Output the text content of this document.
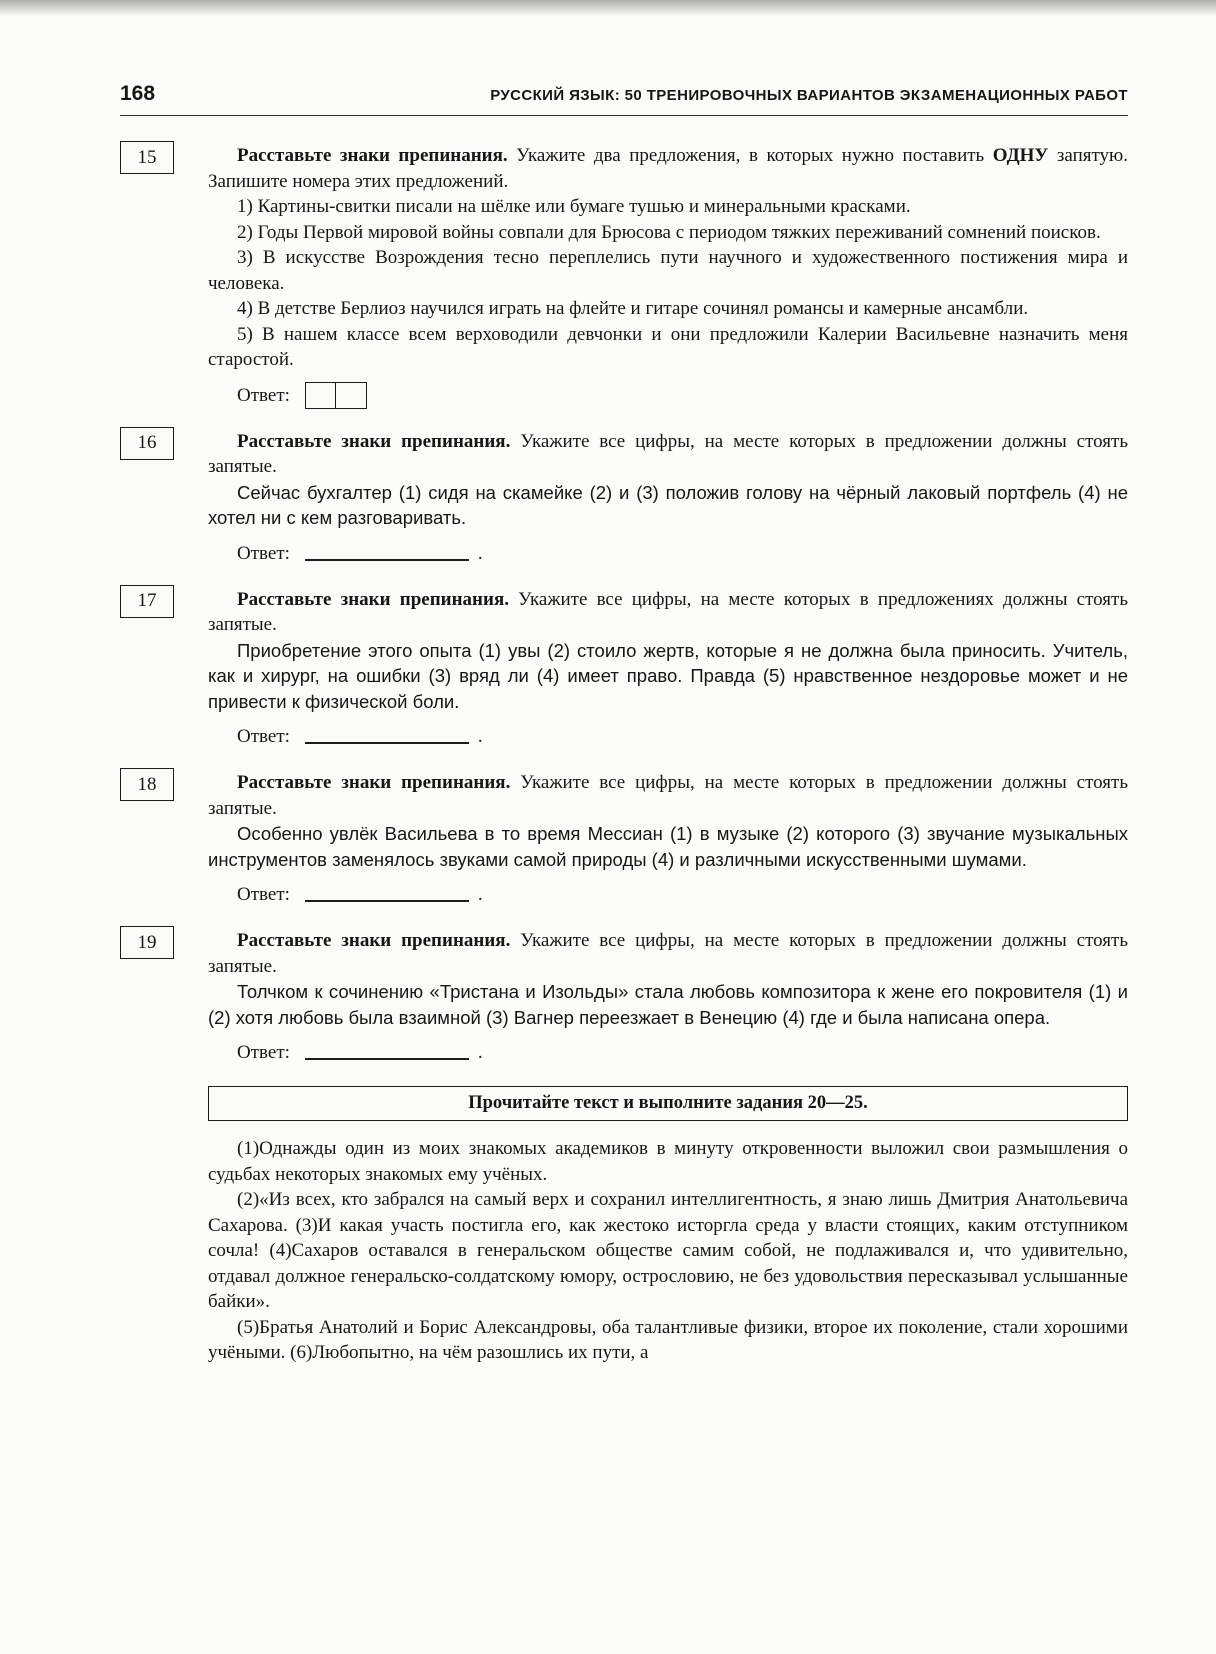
168	РУССКИЙ ЯЗЫК: 50 ТРЕНИРОВОЧНЫХ ВАРИАНТОВ ЭКЗАМЕНАЦИОННЫХ РАБОТ
15	Расставьте знаки препинания. Укажите два предложения, в которых нужно поставить ОДНУ запятую. Запишите номера этих предложений.

1) Картины-свитки писали на шёлке или бумаге тушью и минеральными красками.

2) Годы Первой мировой войны совпали для Брюсова с периодом тяжких переживаний сомнений поисков.

3) В искусстве Возрождения тесно переплелись пути научного и художественного постижения мира и человека.

4) В детстве Берлиоз научился играть на флейте и гитаре сочинял романсы и камерные ансамбли.

5) В нашем классе всем верховодили девчонки и они предложили Калерии Васильевне назначить меня старостой.

Ответ:
16	Расставьте знаки препинания. Укажите все цифры, на месте которых в предложении должны стоять запятые.

Сейчас бухгалтер (1) сидя на скамейке (2) и (3) положив голову на чёрный лаковый портфель (4) не хотел ни с кем разговаривать.

Ответ:	.
17	Расставьте знаки препинания. Укажите все цифры, на месте которых в предложениях должны стоять запятые.

Приобретение этого опыта (1) увы (2) стоило жертв, которые я не должна была приносить. Учитель, как и хирург, на ошибки (3) вряд ли (4) имеет право. Правда (5) нравственное нездоровье может и не привести к физической боли.

Ответ:	.
18	Расставьте знаки препинания. Укажите все цифры, на месте которых в предложении должны стоять запятые.

Особенно увлёк Васильева в то время Мессиан (1) в музыке (2) которого (3) звучание музыкальных инструментов заменялось звуками самой природы (4) и различными искусственными шумами.

Ответ:	.
19	Расставьте знаки препинания. Укажите все цифры, на месте которых в предложении должны стоять запятые.

Толчком к сочинению «Тристана и Изольды» стала любовь композитора к жене его покровителя (1) и (2) хотя любовь была взаимной (3) Вагнер переезжает в Венецию (4) где и была написана опера.

Ответ:	.
Прочитайте текст и выполните задания 20—25.

(1)Однажды один из моих знакомых академиков в минуту откровенности выложил свои размышления о судьбах некоторых знакомых ему учёных.

(2)«Из всех, кто забрался на самый верх и сохранил интеллигентность, я знаю лишь Дмитрия Анатольевича Сахарова. (3)И какая участь постигла его, как жестоко исторгла среда у власти стоящих, каким отступником сочла! (4)Сахаров оставался в генеральском обществе самим собой, не подлаживался и, что удивительно, отдавал должное генеральско-солдатскому юмору, острословию, не без удовольствия пересказывал услышанные байки».

(5)Братья Анатолий и Борис Александровы, оба талантливые физики, второе их поколение, стали хорошими учёными. (6)Любопытно, на чём разошлись их пути, а
